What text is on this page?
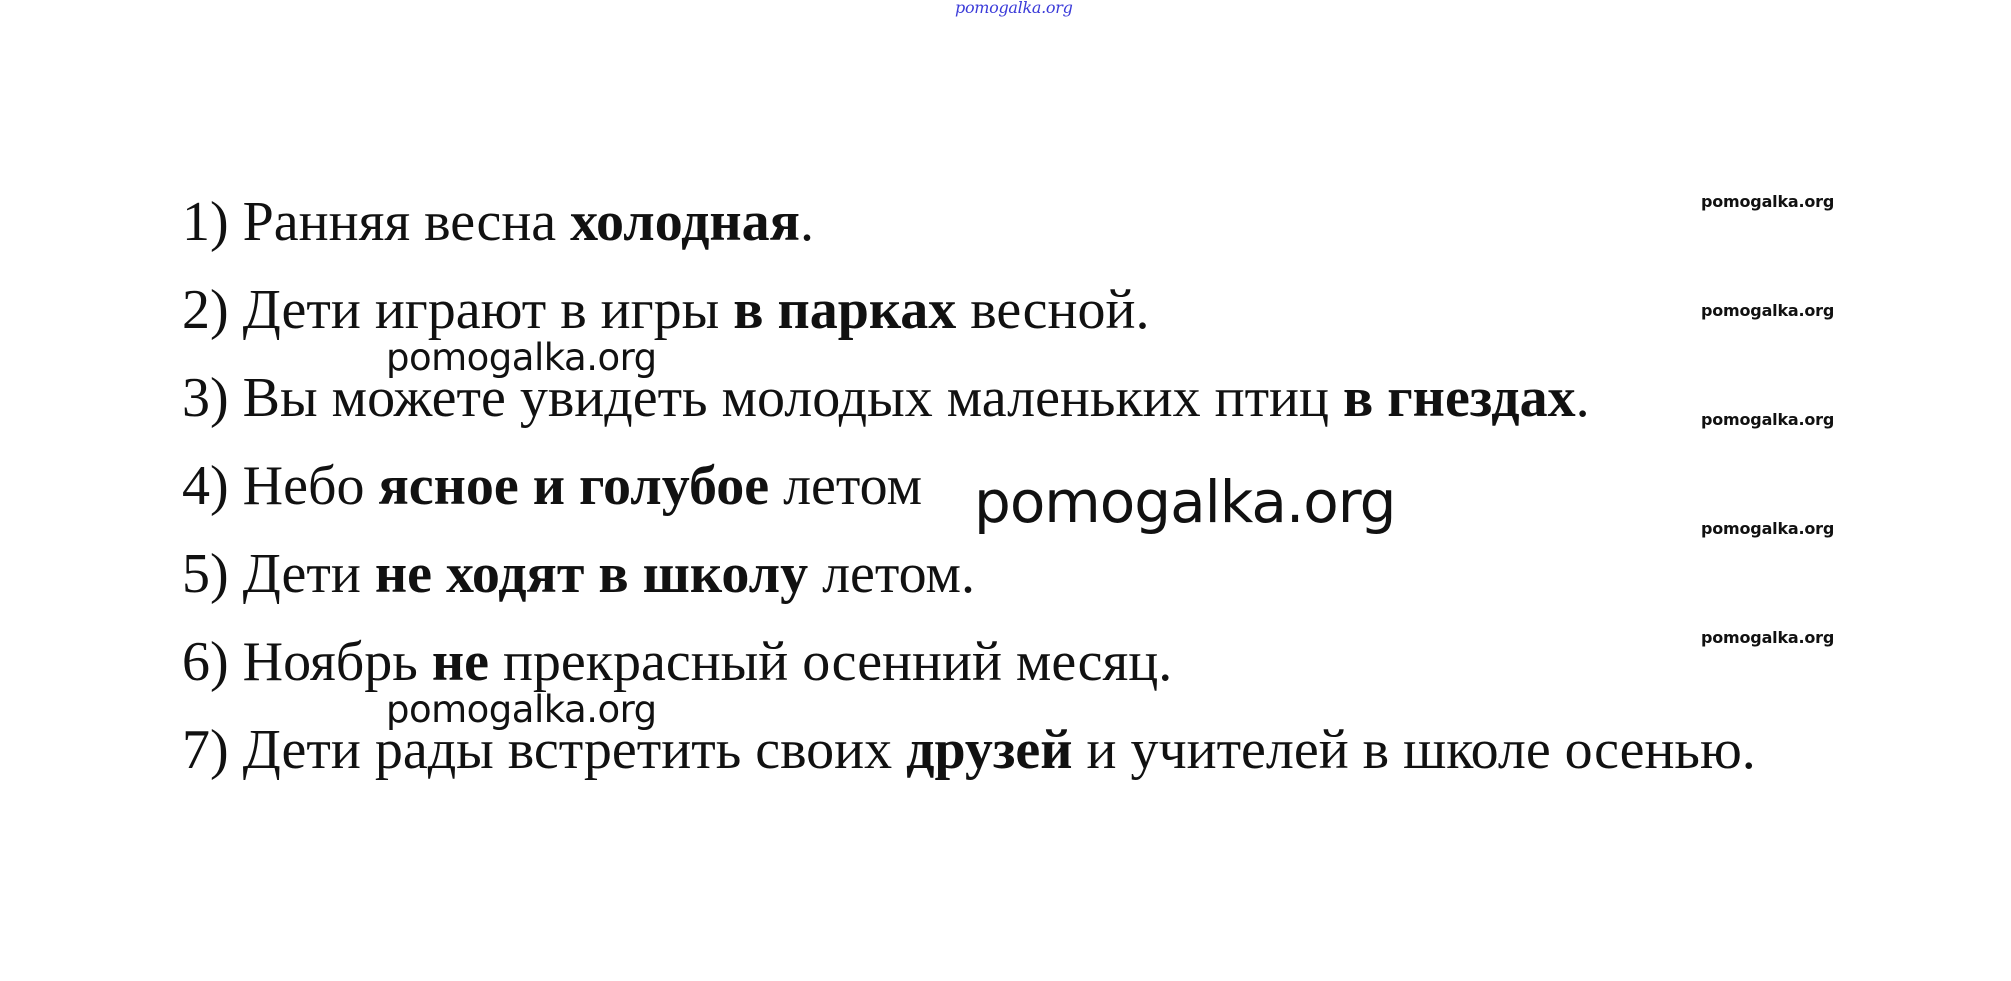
pomogalka.org
1) Ранняя весна холодная.
2) Дети играют в игры в парках весной.
3) Вы можете увидеть молодых маленьких птиц в гнездах.
4) Небо ясное и голубое летом
5) Дети не ходят в школу летом.
6) Ноябрь не прекрасный осенний месяц.
7) Дети рады встретить своих друзей и учителей в школе осенью.
pomogalka.org
pomogalka.org
pomogalka.org
pomogalka.org
pomogalka.org
pomogalka.org
pomogalka.org
pomogalka.org
